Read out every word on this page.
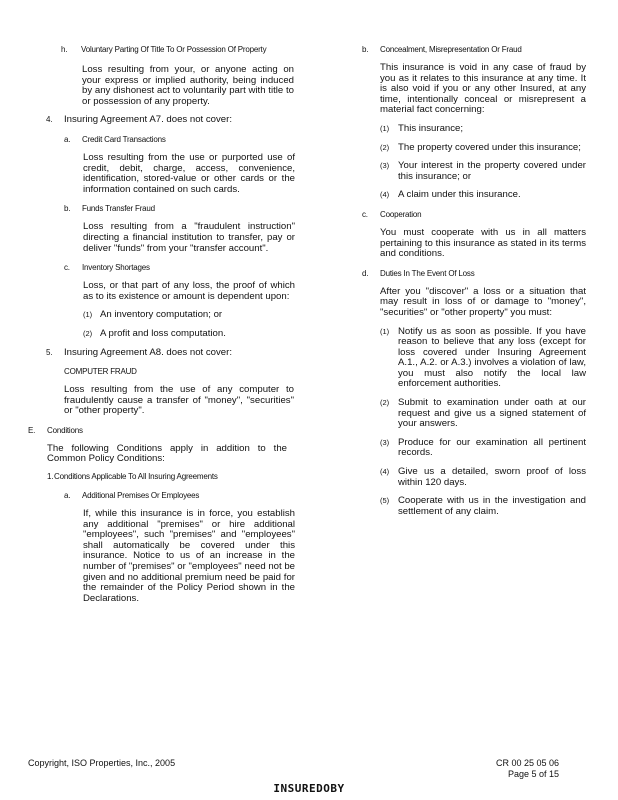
h.	Voluntary Parting Of Title To Or Possession Of Property

Loss resulting from your, or anyone acting on your express or implied authority, being induced by any dishonest act to voluntarily part with title to or possession of any property.

4.	Insuring Agreement A7. does not cover:
a.	Credit Card Transactions

Loss resulting from the use or purported use of credit, debit, charge, access, convenience, identification, stored-value or other cards or the information contained on such cards.

b.	Funds Transfer Fraud

Loss resulting from a "fraudulent instruction" directing a financial institution to transfer, pay or deliver "funds" from your "transfer account".

c.	Inventory Shortages

Loss, or that part of any loss, the proof of which as to its existence or amount is dependent upon:

(1) An inventory computation; or
(2) A profit and loss computation.
5.	Insuring Agreement A8. does not cover:
COMPUTER FRAUD

Loss resulting from the use of any computer to fraudulently cause a transfer of "money", "securities" or "other property".

E.	Conditions

The following Conditions apply in addition to the Common Policy Conditions:

1. Conditions Applicable To All Insuring Agreements
a.	Additional Premises Or Employees

If, while this insurance is in force, you establish any additional "premises" or hire additional "employees", such "premises" and "employees" shall automatically be covered under this insurance. Notice to us of an increase in the number of "premises" or "employees" need not be given and no additional premium need be paid for the remainder of the Policy Period shown in the Declarations.

b.	Concealment, Misrepresentation Or Fraud

This insurance is void in any case of fraud by you as it relates to this insurance at any time. It is also void if you or any other Insured, at any time, intentionally conceal or misrepresent a material fact concerning:

(1) This insurance;
(2) The property covered under this insurance;
(3) Your interest in the property covered under this insurance; or
(4) A claim under this insurance.
c.	Cooperation

You must cooperate with us in all matters pertaining to this insurance as stated in its terms and conditions.

d.	Duties In The Event Of Loss

After you "discover" a loss or a situation that may result in loss of or damage to "money", "securities" or "other property" you must:

(1) Notify us as soon as possible. If you have reason to believe that any loss (except for loss covered under Insuring Agreement A.1., A.2. or A.3.) involves a violation of law, you must also notify the local law enforcement authorities.
(2) Submit to examination under oath at our request and give us a signed statement of your answers.
(3) Produce for our examination all pertinent records.
(4) Give us a detailed, sworn proof of loss within 120 days.
(5) Cooperate with us in the investigation and settlement of any claim.
Copyright, ISO Properties, Inc., 2005	CR 00 25 05 06
Page 5 of 15
INSUREDOBY
